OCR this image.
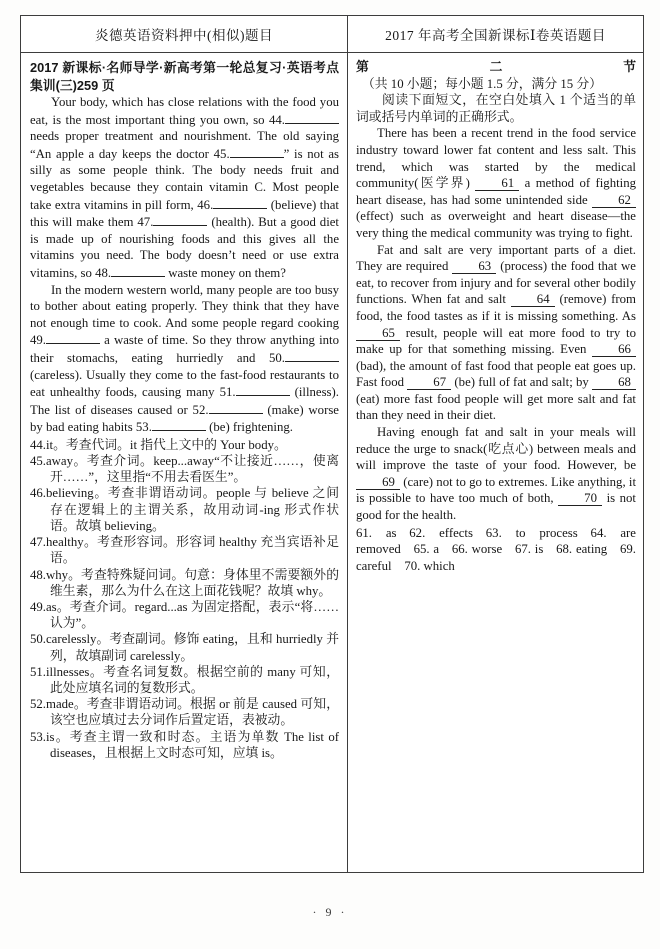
炎德英语资料押中(相似)题目	2017 年高考全国新课标Ⅰ卷英语题目

2017 新课标·名师导学·新高考第一轮总复习·英语考点集训(三)259 页

Your body, which has close relations with the food you eat, is the most important thing you own, so 44. needs proper treatment and nourishment. The old saying “An apple a day keeps the doctor 45.	” is not as silly as some people think. The body needs fruit and vegetables because they contain vitamin C. Most people take extra vitamins in pill form, 46.	(believe) that this will make them 47.	(health). But a good diet is made up of nourishing foods and this gives all the vitamins you need. The body doesn’t need or use extra vitamins, so 48.	waste money on them?

In the modern western world, many people are too busy to bother about eating properly. They think that they have not enough time to cook. And some people regard cooking 49.	a waste of time. So they throw anything into their stomachs, eating hurriedly and 50. (careless). Usually they come to the fast-food restaurants to eat unhealthy foods, causing many 51.	(illness). The list of diseases caused or 52.	(make) worse by bad eating habits 53.	(be) frightening.

44.it。考查代词。it 指代上文中的 Your body。
45.away。考查介词。keep...away“不让接近……，使离开……”，这里指“不用去看医生”。
46.believing。考查非谓语动词。people 与 believe 之间存在逻辑上的主谓关系，故用动词-ing 形式作状语。故填 believing。
47.healthy。考查形容词。形容词 healthy 充当宾语补足语。
48.why。考查特殊疑问词。句意：身体里不需要额外的维生素，那么为什么在这上面花钱呢？故填 why。
49.as。考查介词。regard...as 为固定搭配，表示“将……认为”。
50.carelessly。考查副词。修饰 eating，且和 hurriedly 并列，故填副词 carelessly。
51.illnesses。考查名词复数。根据空前的 many 可知，此处应填名词的复数形式。
52.made。考查非谓语动词。根据 or 前是 caused 可知，该空也应填过去分词作后置定语，表被动。
53.is。考查主谓一致和时态。主语为单数 The list of diseases，且根据上文时态可知，应填 is。

第二节（共 10 小题；每小题 1.5 分，满分 15 分）

阅读下面短文，在空白处填入 1 个适当的单词或括号内单词的正确形式。

There has been a recent trend in the food service industry toward lower fat content and less salt. This trend, which was started by the medical community(医学界) 61 a method of fighting heart disease, has had some unintended side 62 (effect) such as overweight and heart disease—the very thing the medical community was trying to fight.

Fat and salt are very important parts of a diet. They are required 63 (process) the food that we eat, to recover from injury and for several other bodily functions. When fat and salt 64 (remove) from food, the food tastes as if it is missing something. As 65 result, people will eat more food to try to make up for that something missing. Even 66 (bad), the amount of fast food that people eat goes up. Fast food 67 (be) full of fat and salt; by 68 (eat) more fast food people will get more salt and fat than they need in their diet.

Having enough fat and salt in your meals will reduce the urge to snack(吃点心) between meals and will improve the taste of your food. However, be 69 (care) not to go to extremes. Like anything, it is possible to have too much of both, 70 is not good for the health.

61. as 62. effects 63. to process 64. are removed 65. a 66. worse 67. is 68. eating 69. careful 70. which

· 9 ·
